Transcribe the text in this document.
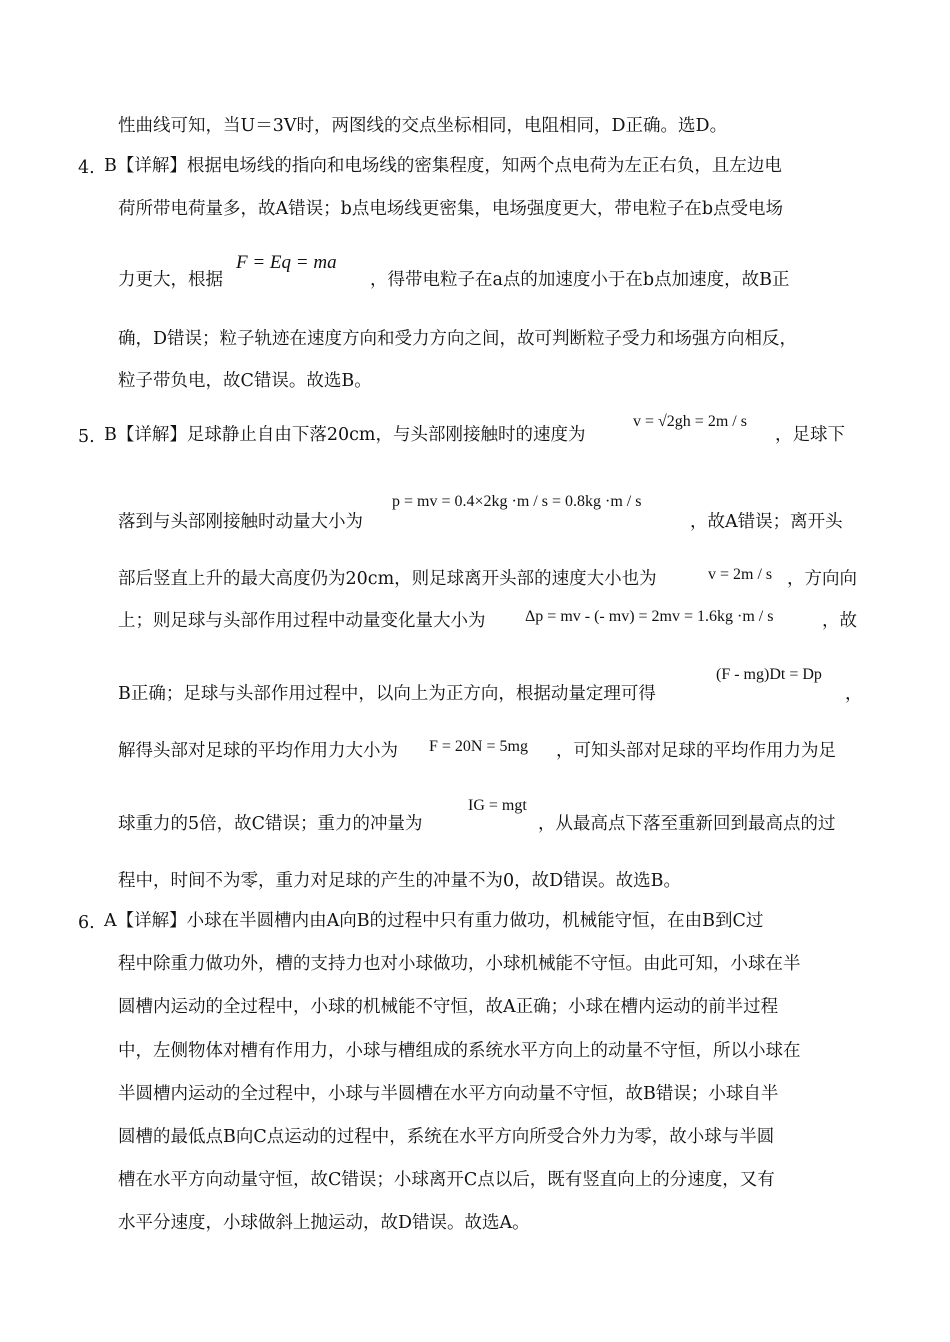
性曲线可知，当U＝3V时，两图线的交点坐标相同，电阻相同，D正确。选D。
4. B【详解】根据电场线的指向和电场线的密集程度，知两个点电荷为左正右负，且左边电
荷所带电荷量多，故A错误；b点电场线更密集，电场强度更大，带电粒子在b点受电场
力更大，根据
F = Eq = ma
，得带电粒子在a点的加速度小于在b点加速度，故B正
确，D错误；粒子轨迹在速度方向和受力方向之间，故可判断粒子受力和场强方向相反，
粒子带负电，故C错误。故选B。
5. B【详解】足球静止自由下落20cm，与头部刚接触时的速度为
v = √2gh = 2m / s
，足球下
落到与头部刚接触时动量大小为
p = mv = 0.4×2kg ·m / s = 0.8kg ·m / s
，故A错误；离开头
部后竖直上升的最大高度仍为20cm，则足球离开头部的速度大小也为	v = 2m / s ，方向向
上；则足球与头部作用过程中动量变化量大小为 Δp = mv - (- mv) = 2mv = 1.6kg ·m / s	，故
B正确；足球与头部作用过程中，以向上为正方向，根据动量定理可得
(F - mg)Dt = Dp
，
解得头部对足球的平均作用力大小为 F = 20N = 5mg ，可知头部对足球的平均作用力为足
球重力的5倍，故C错误；重力的冲量为
IG = mgt
，从最高点下落至重新回到最高点的过
程中，时间不为零，重力对足球的产生的冲量不为0，故D错误。故选B。
6. A【详解】小球在半圆槽内由A向B的过程中只有重力做功，机械能守恒，在由B到C过
程中除重力做功外，槽的支持力也对小球做功，小球机械能不守恒。由此可知，小球在半
圆槽内运动的全过程中，小球的机械能不守恒，故A正确；小球在槽内运动的前半过程
中，左侧物体对槽有作用力，小球与槽组成的系统水平方向上的动量不守恒，所以小球在
半圆槽内运动的全过程中，小球与半圆槽在水平方向动量不守恒，故B错误；小球自半
圆槽的最低点B向C点运动的过程中，系统在水平方向所受合外力为零，故小球与半圆
槽在水平方向动量守恒，故C错误；小球离开C点以后，既有竖直向上的分速度，又有
水平分速度，小球做斜上抛运动，故D错误。故选A。
